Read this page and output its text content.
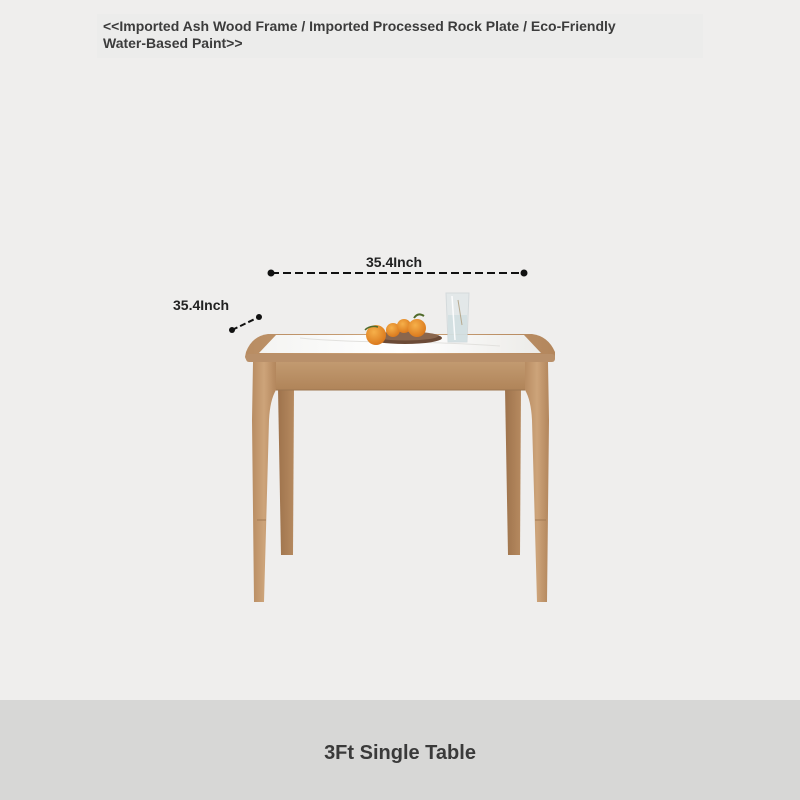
<<Imported Ash Wood Frame / Imported Processed Rock Plate / Eco-Friendly
Water-Based Paint>>
35.4Inch
35.4Inch
3Ft Single Table
